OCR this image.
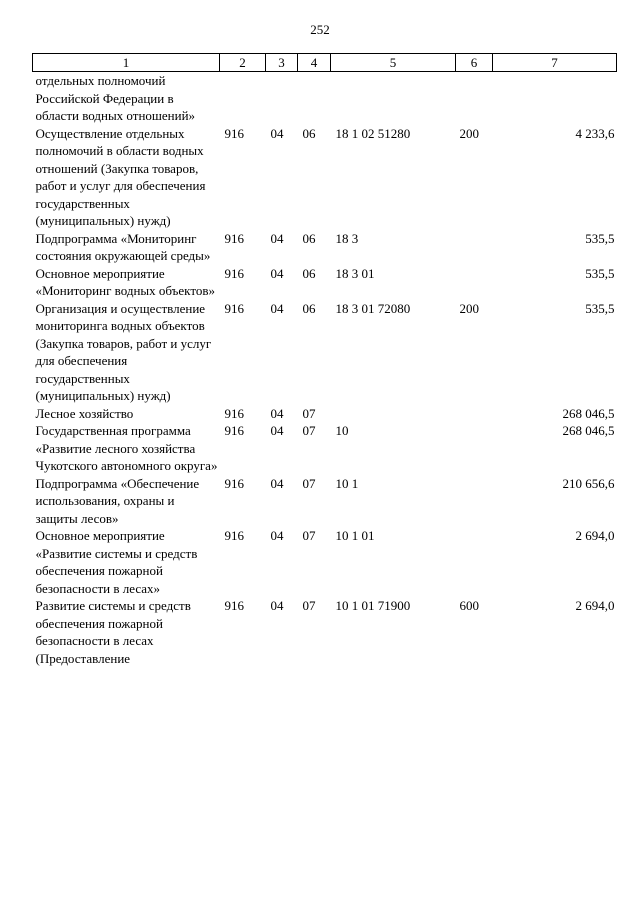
252
1	2	3	4	5	6	7
отдельных полномочий Российской Федерации в области водных отношений»						
Осуществление отдельных полномочий в области водных отношений (Закупка товаров, работ и услуг для обеспечения государственных (муниципальных) нужд)	916	04	06	18 1 02 51280	200	4 233,6
Подпрограмма «Мониторинг состояния окружающей среды»	916	04	06	18 3		535,5
Основное мероприятие «Мониторинг водных объектов»	916	04	06	18 3 01		535,5
Организация и осуществление мониторинга водных объектов (Закупка товаров, работ и услуг для обеспечения государственных (муниципальных) нужд)	916	04	06	18 3 01 72080	200	535,5
Лесное хозяйство	916	04	07			268 046,5
Государственная программа «Развитие лесного хозяйства Чукотского автономного округа»	916	04	07	10		268 046,5
Подпрограмма «Обеспечение использования, охраны и защиты лесов»	916	04	07	10 1		210 656,6
Основное мероприятие «Развитие системы и средств обеспечения пожарной безопасности в лесах»	916	04	07	10 1 01		2 694,0
Развитие системы и средств обеспечения пожарной безопасности в лесах (Предоставление	916	04	07	10 1 01 71900	600	2 694,0
